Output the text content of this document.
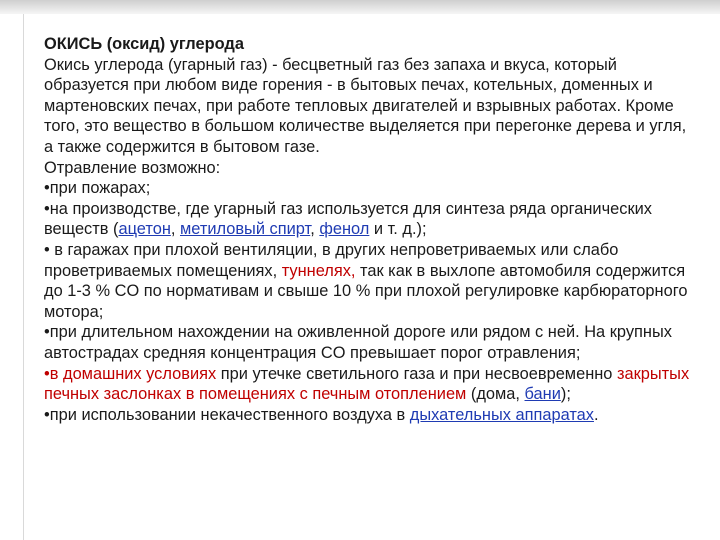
ОКИСЬ (оксид) углерода

Окись углерода (угарный газ) - бесцветный газ без запаха и вкуса, который образуется при любом виде горения - в бытовых печах, котельных, доменных и мартеновских печах, при работе тепловых двигателей и взрывных работах. Кроме того, это вещество в большом количестве выделяется при перегонке дерева и угля, а также содержится в бытовом газе.

Отравление возможно:

•при пожарах;

•на производстве, где угарный газ используется для синтеза ряда органических веществ (ацетон, метиловый спирт, фенол и т. д.);

• в гаражах при плохой вентиляции, в других непроветриваемых или слабо проветриваемых помещениях, туннелях, так как в выхлопе автомобиля содержится до 1-3 % CO по нормативам и свыше 10 % при плохой регулировке карбюраторного мотора;

•при длительном нахождении на оживленной дороге или рядом с ней. На крупных автострадах средняя концентрация CO превышает порог отравления;

•в домашних условиях при утечке светильного газа и при несвоевременно закрытых печных заслонках в помещениях с печным отоплением (дома, бани);

•при использовании некачественного воздуха в дыхательных аппаратах.
